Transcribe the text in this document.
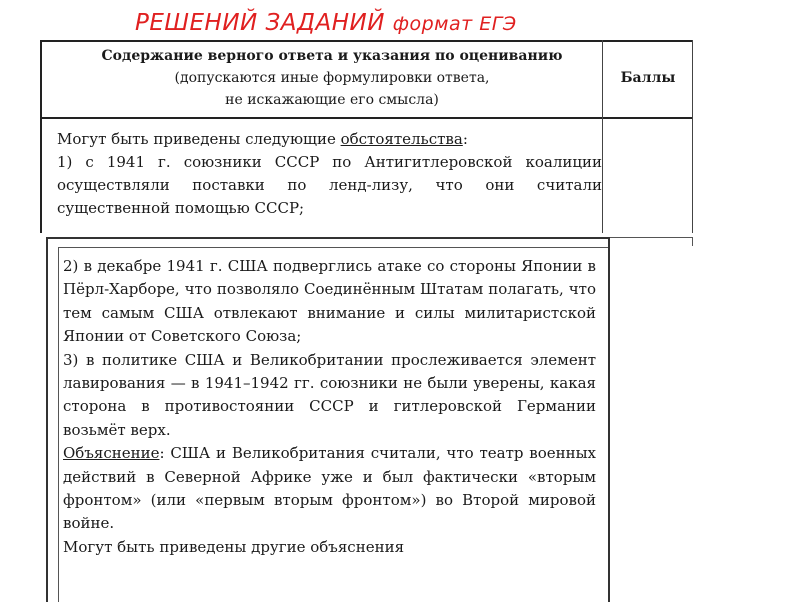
РЕШЕНИЙ ЗАДАНИЙ формат ЕГЭ
Содержание верного ответа и указания по оцениванию
(допускаются иные формулировки ответа,
не искажающие его смысла)
Баллы

Могут быть приведены следующие обстоятельства:

1) с 1941 г. союзники СССР по Антигитлеровской коалиции осуществляли поставки по ленд-лизу, что они считали существенной помощью СССР;

2) в декабре 1941 г. США подверглись атаке со стороны Японии в Пёрл-Харборе, что позволяло Соединённым Штатам полагать, что тем самым США отвлекают внимание и силы милитаристской Японии от Советского Союза;

3) в политике США и Великобритании прослеживается элемент лавирования — в 1941–1942 гг. союзники не были уверены, какая сторона в противостоянии СССР и гитлеровской Германии возьмёт верх.

Объяснение: США и Великобритания считали, что театр военных действий в Северной Африке уже и был фактически «вторым фронтом» (или «первым вторым фронтом») во Второй мировой войне.

Могут быть приведены другие объяснения
